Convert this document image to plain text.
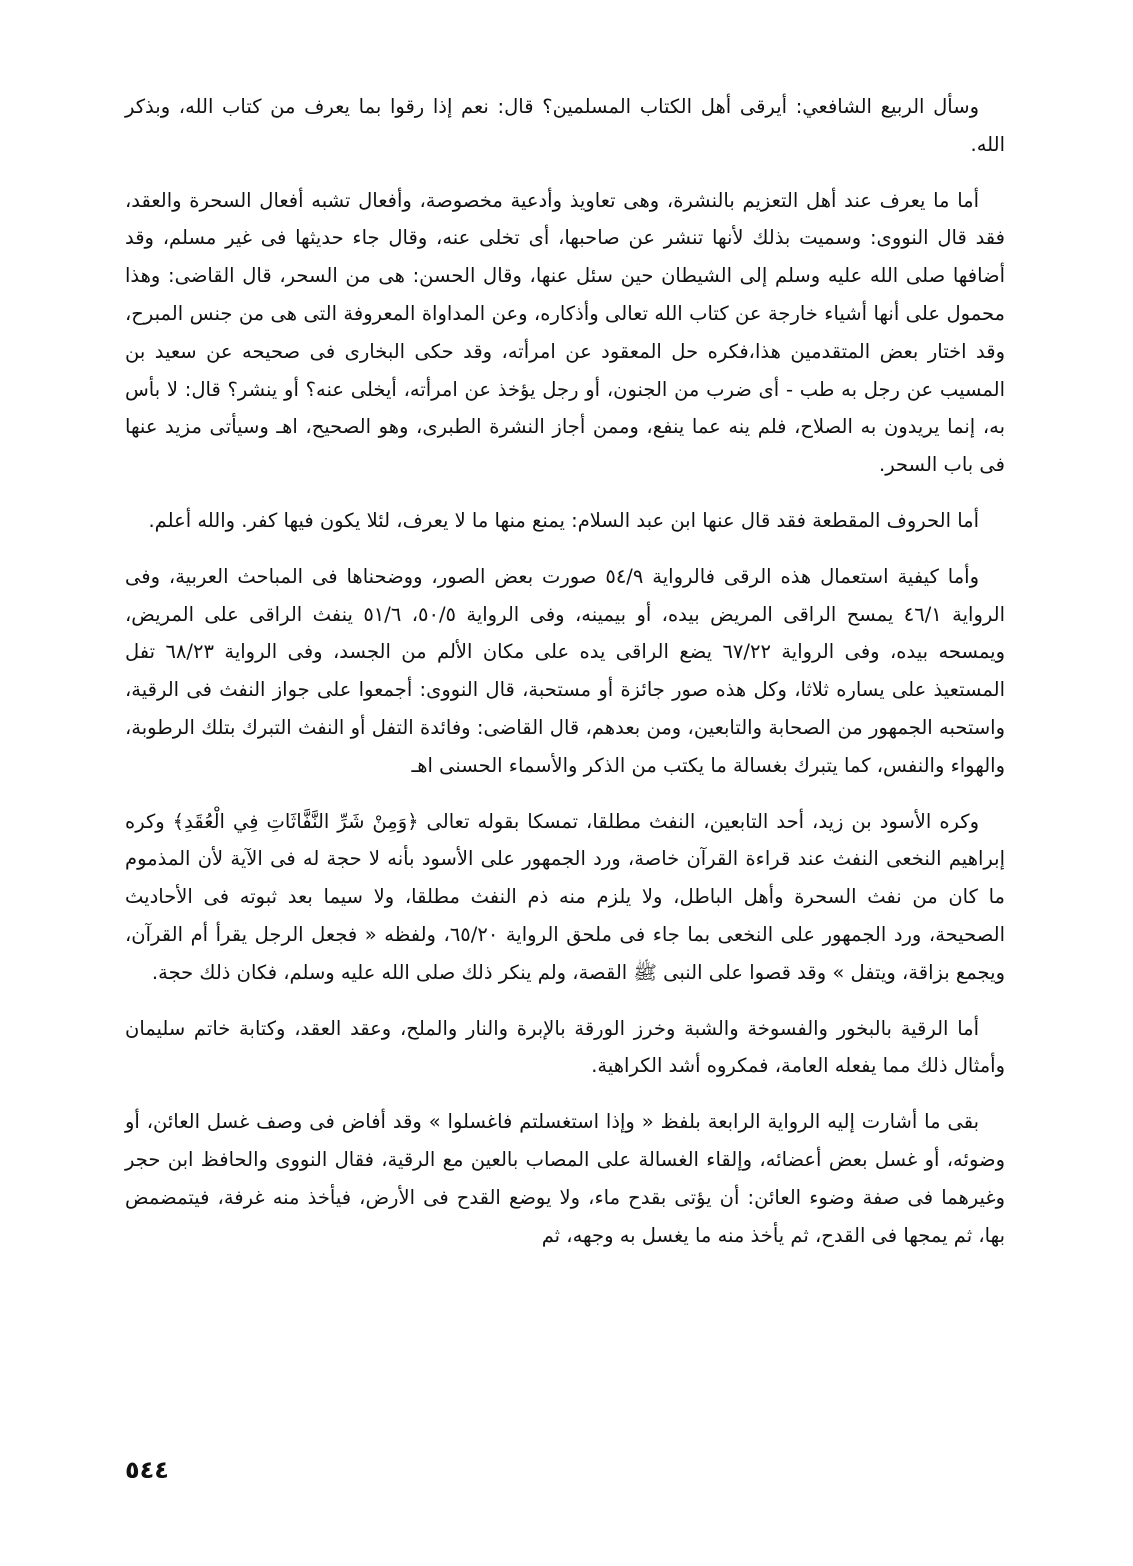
وسأل الربيع الشافعي: أيرقى أهل الكتاب المسلمين؟ قال: نعم إذا رقوا بما يعرف من كتاب الله، وبذكر الله.

أما ما يعرف عند أهل التعزيم بالنشرة، وهى تعاويذ وأدعية مخصوصة، وأفعال تشبه أفعال السحرة والعقد، فقد قال النووى: وسميت بذلك لأنها تنشر عن صاحبها، أى تخلى عنه، وقال جاء حديثها فى غير مسلم، وقد أضافها صلى الله عليه وسلم إلى الشيطان حين سئل عنها، وقال الحسن: هى من السحر، قال القاضى: وهذا محمول على أنها أشياء خارجة عن كتاب الله تعالى وأذكاره، وعن المداواة المعروفة التى هى من جنس المبرح، وقد اختار بعض المتقدمين هذا،فكره حل المعقود عن امرأته، وقد حكى البخارى فى صحيحه عن سعيد بن المسيب عن رجل به طب - أى ضرب من الجنون، أو رجل يؤخذ عن امرأته، أيخلى عنه؟ أو ينشر؟ قال: لا بأس به، إنما يريدون به الصلاح، فلم ينه عما ينفع، وممن أجاز النشرة الطبرى، وهو الصحيح، اهـ وسيأتى مزيد عنها فى باب السحر.

أما الحروف المقطعة فقد قال عنها ابن عبد السلام: يمنع منها ما لا يعرف، لئلا يكون فيها كفر. والله أعلم.

وأما كيفية استعمال هذه الرقى فالرواية ٥٤/٩ صورت بعض الصور، ووضحناها فى المباحث العربية، وفى الرواية ٤٦/١ يمسح الراقى المريض بيده، أو بيمينه، وفى الرواية ٥٠/٥، ٥١/٦ ينفث الراقى على المريض، ويمسحه بيده، وفى الرواية ٦٧/٢٢ يضع الراقى يده على مكان الألم من الجسد، وفى الرواية ٦٨/٢٣ تفل المستعيذ على يساره ثلاثا، وكل هذه صور جائزة أو مستحبة، قال النووى: أجمعوا على جواز النفث فى الرقية، واستحبه الجمهور من الصحابة والتابعين، ومن بعدهم، قال القاضى: وفائدة التفل أو النفث التبرك بتلك الرطوبة، والهواء والنفس، كما يتبرك بغسالة ما يكتب من الذكر والأسماء الحسنى اهـ

وكره الأسود بن زيد، أحد التابعين، النفث مطلقا، تمسكا بقوله تعالى ﴿وَمِنْ شَرِّ النَّفَّاثَاتِ فِي الْعُقَدِ﴾ وكره إبراهيم النخعى النفث عند قراءة القرآن خاصة، ورد الجمهور على الأسود بأنه لا حجة له فى الآية لأن المذموم ما كان من نفث السحرة وأهل الباطل، ولا يلزم منه ذم النفث مطلقا، ولا سيما بعد ثبوته فى الأحاديث الصحيحة، ورد الجمهور على النخعى بما جاء فى ملحق الرواية ٦٥/٢٠، ولفظه « فجعل الرجل يقرأ أم القرآن، ويجمع بزاقة، ويتفل » وقد قصوا على النبى ﷺ القصة، ولم ينكر ذلك صلى الله عليه وسلم، فكان ذلك حجة.

أما الرقية بالبخور والفسوخة والشبة وخرز الورقة بالإبرة والنار والملح، وعقد العقد، وكتابة خاتم سليمان وأمثال ذلك مما يفعله العامة، فمكروه أشد الكراهية.

بقى ما أشارت إليه الرواية الرابعة بلفظ « وإذا استغسلتم فاغسلوا » وقد أفاض فى وصف غسل العائن، أو وضوئه، أو غسل بعض أعضائه، وإلقاء الغسالة على المصاب بالعين مع الرقية، فقال النووى والحافظ ابن حجر وغيرهما فى صفة وضوء العائن: أن يؤتى بقدح ماء، ولا يوضع القدح فى الأرض، فيأخذ منه غرفة، فيتمضمض بها، ثم يمجها فى القدح، ثم يأخذ منه ما يغسل به وجهه، ثم

٥٤٤
